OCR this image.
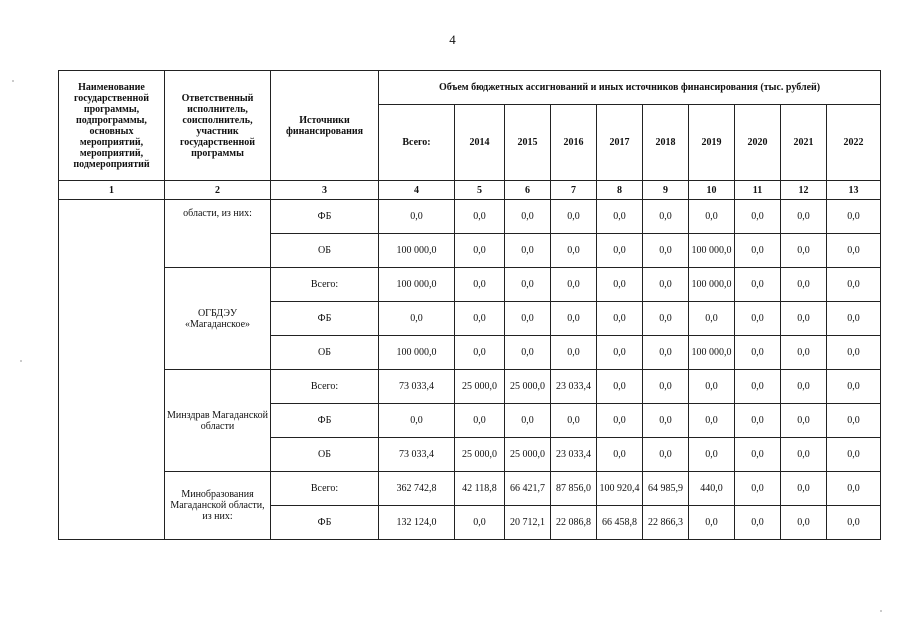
4
Наименование государственной программы, подпрограммы, основных мероприятий, мероприятий, подмероприятий	Ответственный исполнитель, соисполнитель, участник государственной программы	Источники финансирования	Объем бюджетных ассигнований и иных источников финансирования (тыс. рублей)									
			Всего:	2014	2015	2016	2017	2018	2019	2020	2021	2022
1	2	3	4	5	6	7	8	9	10	11	12	13
	области, из них:	ФБ	0,0	0,0	0,0	0,0	0,0	0,0	0,0	0,0	0,0	0,0
		ОБ	100 000,0	0,0	0,0	0,0	0,0	0,0	100 000,0	0,0	0,0	0,0
	ОГБДЭУ «Магаданское»	Всего:	100 000,0	0,0	0,0	0,0	0,0	0,0	100 000,0	0,0	0,0	0,0
		ФБ	0,0	0,0	0,0	0,0	0,0	0,0	0,0	0,0	0,0	0,0
		ОБ	100 000,0	0,0	0,0	0,0	0,0	0,0	100 000,0	0,0	0,0	0,0
	Минздрав Магаданской области	Всего:	73 033,4	25 000,0	25 000,0	23 033,4	0,0	0,0	0,0	0,0	0,0	0,0
		ФБ	0,0	0,0	0,0	0,0	0,0	0,0	0,0	0,0	0,0	0,0
		ОБ	73 033,4	25 000,0	25 000,0	23 033,4	0,0	0,0	0,0	0,0	0,0	0,0
	Минобразования Магаданской области, из них:	Всего:	362 742,8	42 118,8	66 421,7	87 856,0	100 920,4	64 985,9	440,0	0,0	0,0	0,0
		ФБ	132 124,0	0,0	20 712,1	22 086,8	66 458,8	22 866,3	0,0	0,0	0,0	0,0
